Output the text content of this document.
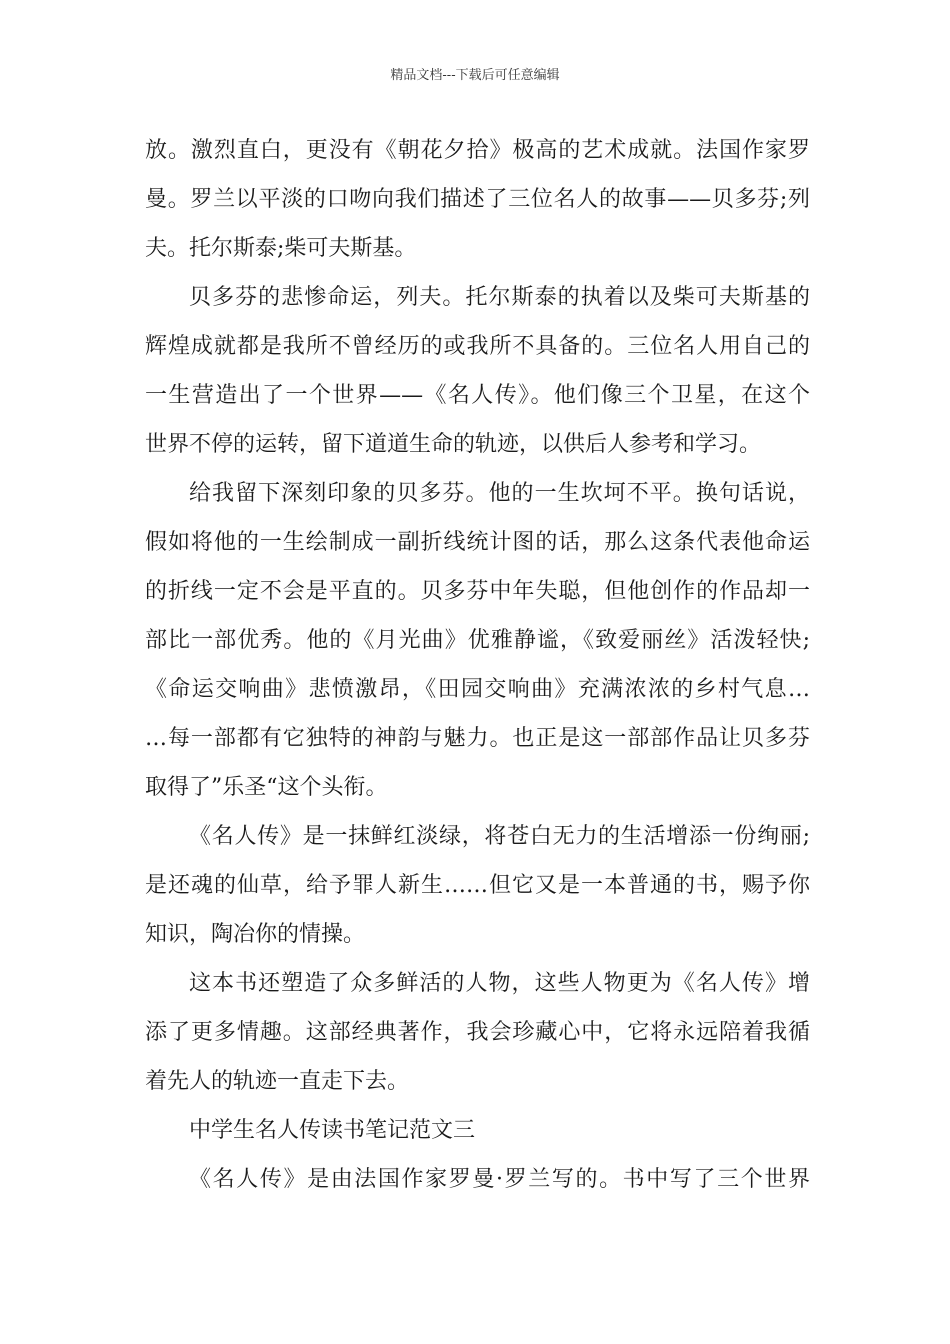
精品文档---下载后可任意编辑
放。激烈直白，更没有《朝花夕拾》极高的艺术成就。法国作家罗
曼。罗兰以平淡的口吻向我们描述了三位名人的故事——贝多芬;列
夫。托尔斯泰;柴可夫斯基。
贝多芬的悲惨命运，列夫。托尔斯泰的执着以及柴可夫斯基的
辉煌成就都是我所不曾经历的或我所不具备的。三位名人用自己的
一生营造出了一个世界——《名人传》。他们像三个卫星，在这个
世界不停的运转，留下道道生命的轨迹，以供后人参考和学习。
给我留下深刻印象的贝多芬。他的一生坎坷不平。换句话说，
假如将他的一生绘制成一副折线统计图的话，那么这条代表他命运
的折线一定不会是平直的。贝多芬中年失聪，但他创作的作品却一
部比一部优秀。他的《月光曲》优雅静谧，《致爱丽丝》活泼轻快;
《命运交响曲》悲愤激昂，《田园交响曲》充满浓浓的乡村气息…
…每一部都有它独特的神韵与魅力。也正是这一部部作品让贝多芬
取得了”乐圣“这个头衔。
《名人传》是一抹鲜红淡绿，将苍白无力的生活增添一份绚丽;
是还魂的仙草，给予罪人新生……但它又是一本普通的书，赐予你
知识，陶冶你的情操。
这本书还塑造了众多鲜活的人物，这些人物更为《名人传》增
添了更多情趣。这部经典著作，我会珍藏心中，它将永远陪着我循
着先人的轨迹一直走下去。
中学生名人传读书笔记范文三
《名人传》是由法国作家罗曼·罗兰写的。书中写了三个世界
